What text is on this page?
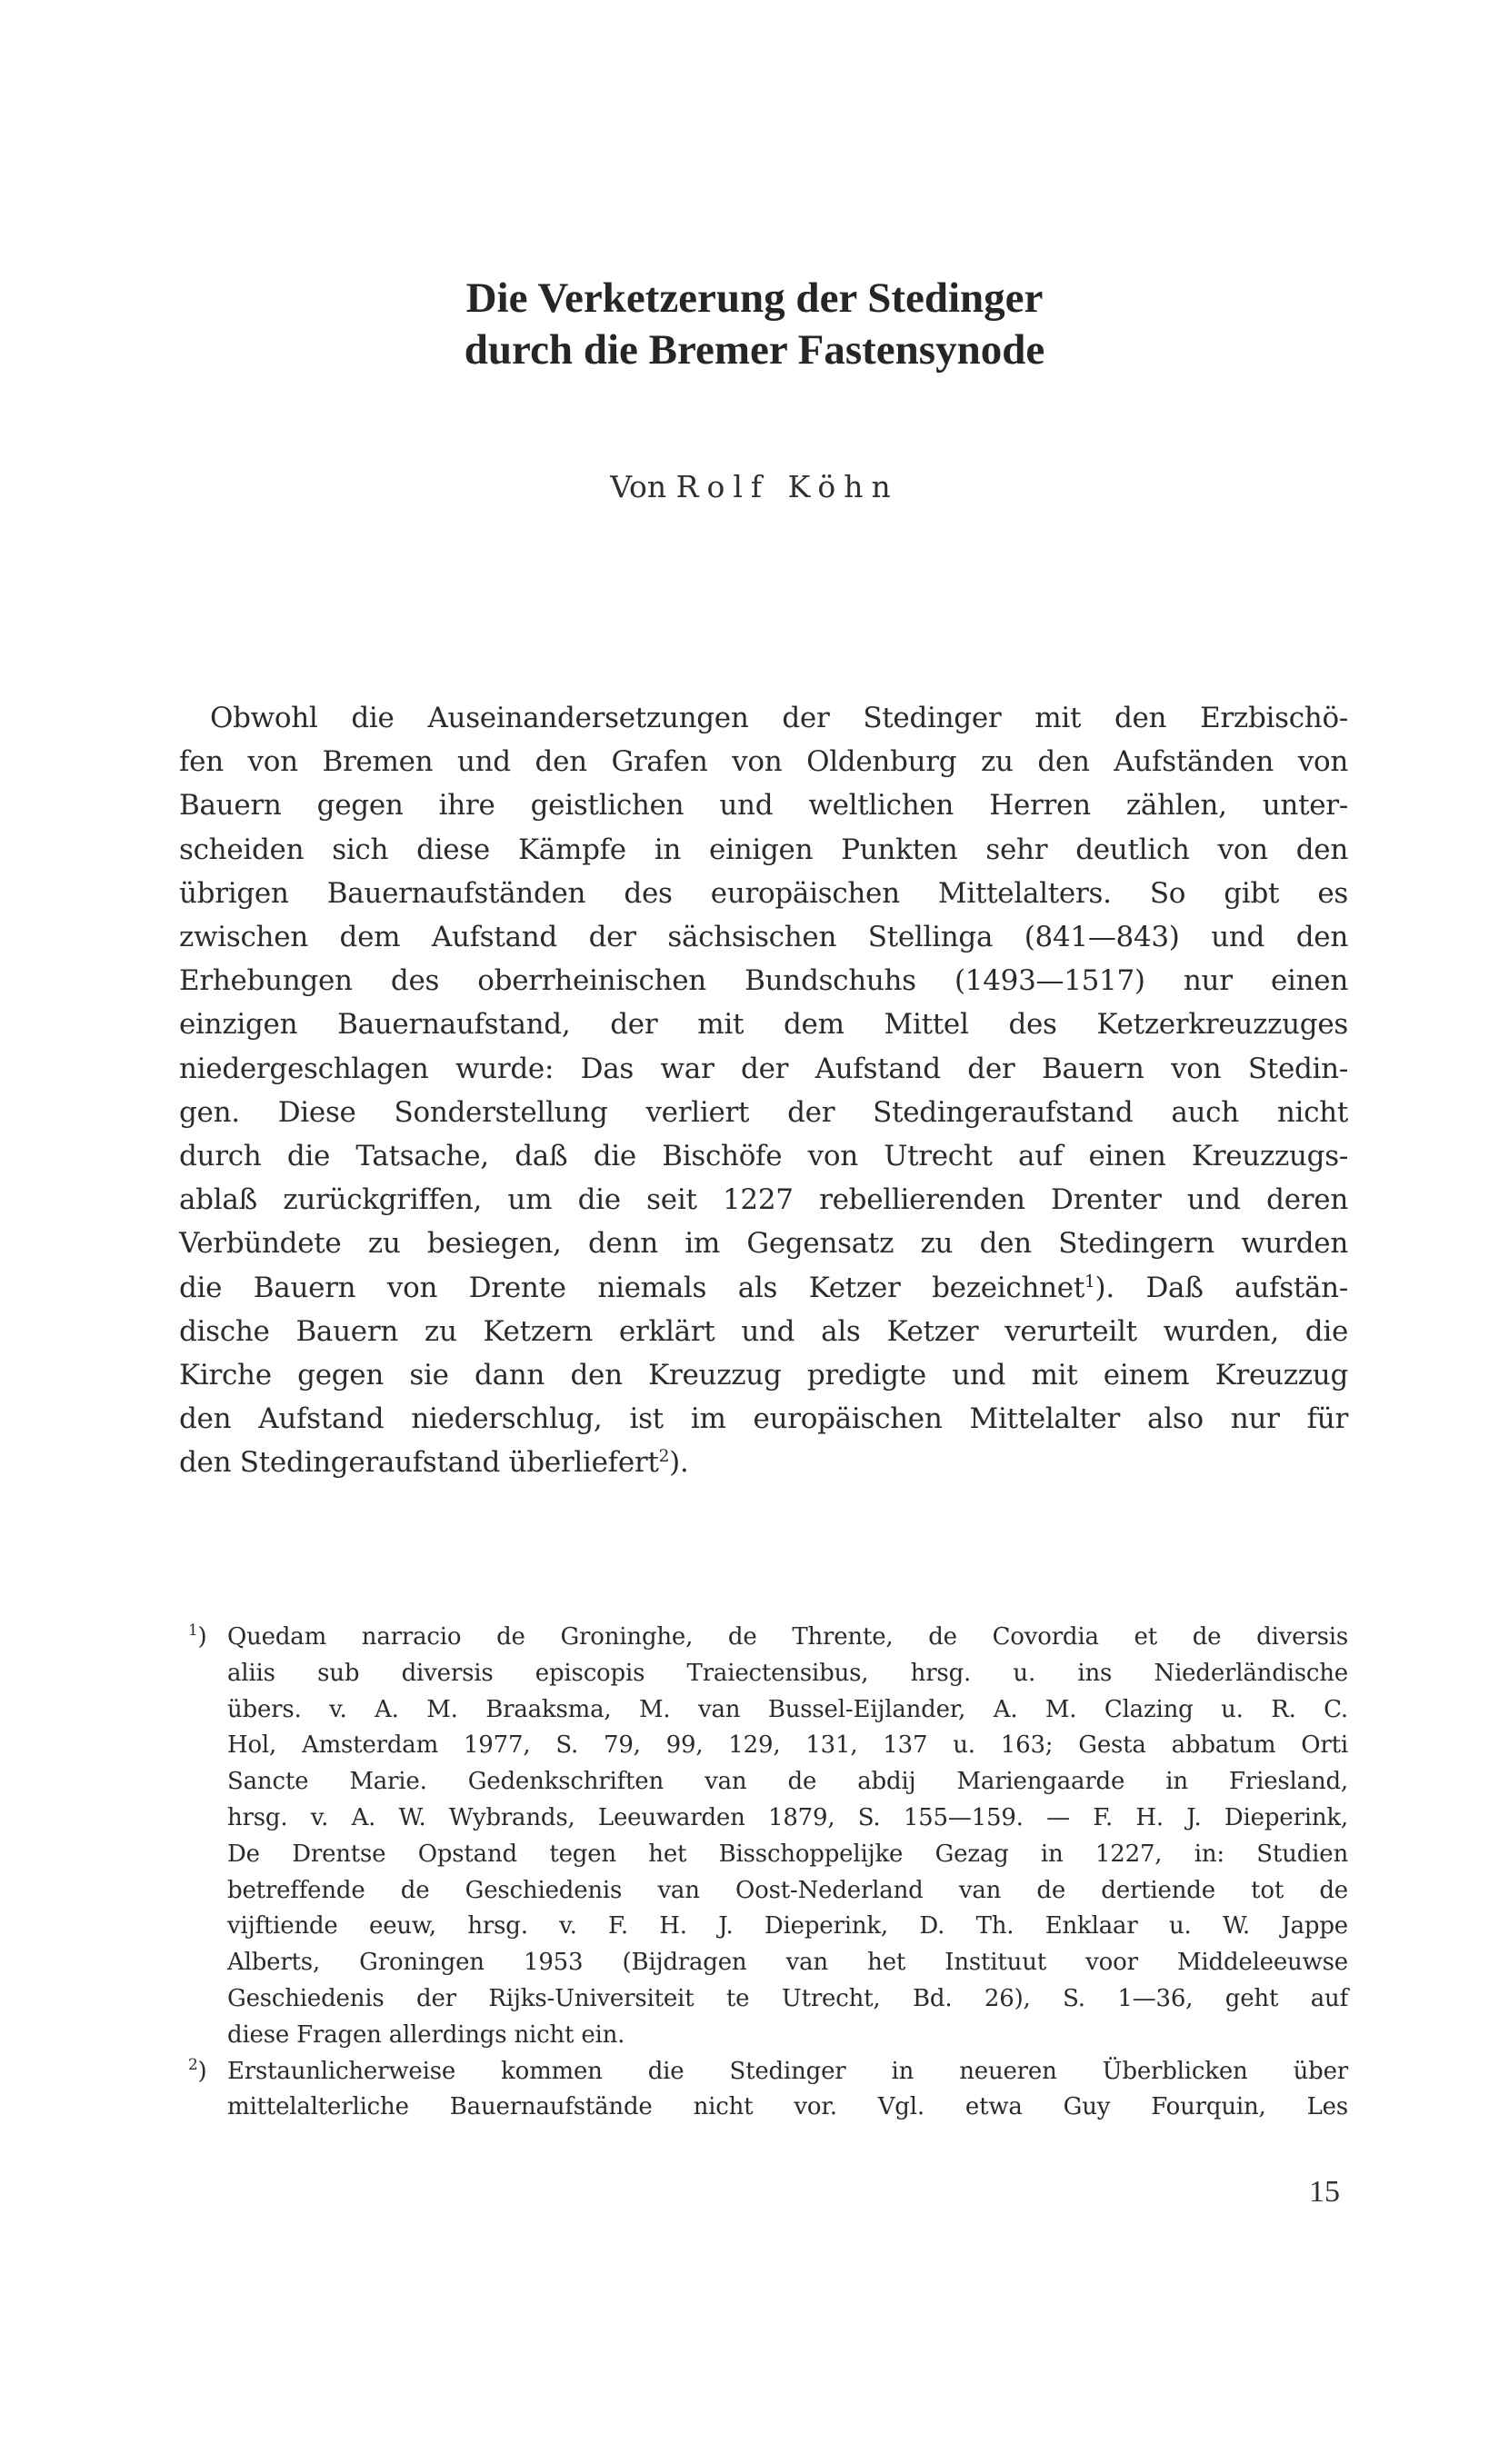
Die Verketzerung der Stedinger
durch die Bremer Fastensynode
Von Rolf Köhn
Obwohl die Auseinandersetzungen der Stedinger mit den Erzbischö-
fen von Bremen und den Grafen von Oldenburg zu den Aufständen von
Bauern gegen ihre geistlichen und weltlichen Herren zählen, unter-
scheiden sich diese Kämpfe in einigen Punkten sehr deutlich von den
übrigen Bauernaufständen des europäischen Mittelalters. So gibt es
zwischen dem Aufstand der sächsischen Stellinga (841—843) und den
Erhebungen des oberrheinischen Bundschuhs (1493—1517) nur einen
einzigen Bauernaufstand, der mit dem Mittel des Ketzerkreuzzuges
niedergeschlagen wurde: Das war der Aufstand der Bauern von Stedin-
gen. Diese Sonderstellung verliert der Stedingeraufstand auch nicht
durch die Tatsache, daß die Bischöfe von Utrecht auf einen Kreuzzugs-
ablaß zurückgriffen, um die seit 1227 rebellierenden Drenter und deren
Verbündete zu besiegen, denn im Gegensatz zu den Stedingern wurden
die Bauern von Drente niemals als Ketzer bezeichnet$^1$). Daß aufstän-
dische Bauern zu Ketzern erklärt und als Ketzer verurteilt wurden, die
Kirche gegen sie dann den Kreuzzug predigte und mit einem Kreuzzug
den Aufstand niederschlug, ist im europäischen Mittelalter also nur für
den Stedingeraufstand überliefert$^2$).
$^1$) Quedam narracio de Groninghe, de Thrente, de Covordia et de diversis
aliis sub diversis episcopis Traiectensibus, hrsg. u. ins Niederländische
übers. v. A. M. Braaksma, M. van Bussel-Eijlander, A. M. Clazing u. R. C.
Hol, Amsterdam 1977, S. 79, 99, 129, 131, 137 u. 163; Gesta abbatum Orti
Sancte Marie. Gedenkschriften van de abdij Mariengaarde in Friesland,
hrsg. v. A. W. Wybrands, Leeuwarden 1879, S. 155—159. — F. H. J. Dieperink,
De Drentse Opstand tegen het Bisschoppelijke Gezag in 1227, in: Studien
betreffende de Geschiedenis van Oost-Nederland van de dertiende tot de
vijftiende eeuw, hrsg. v. F. H. J. Dieperink, D. Th. Enklaar u. W. Jappe
Alberts, Groningen 1953 (Bijdragen van het Instituut voor Middeleeuwse
Geschiedenis der Rijks-Universiteit te Utrecht, Bd. 26), S. 1—36, geht auf
diese Fragen allerdings nicht ein.
$^2$) Erstaunlicherweise kommen die Stedinger in neueren Überblicken über
mittelalterliche Bauernaufstände nicht vor. Vgl. etwa Guy Fourquin, Les
15
